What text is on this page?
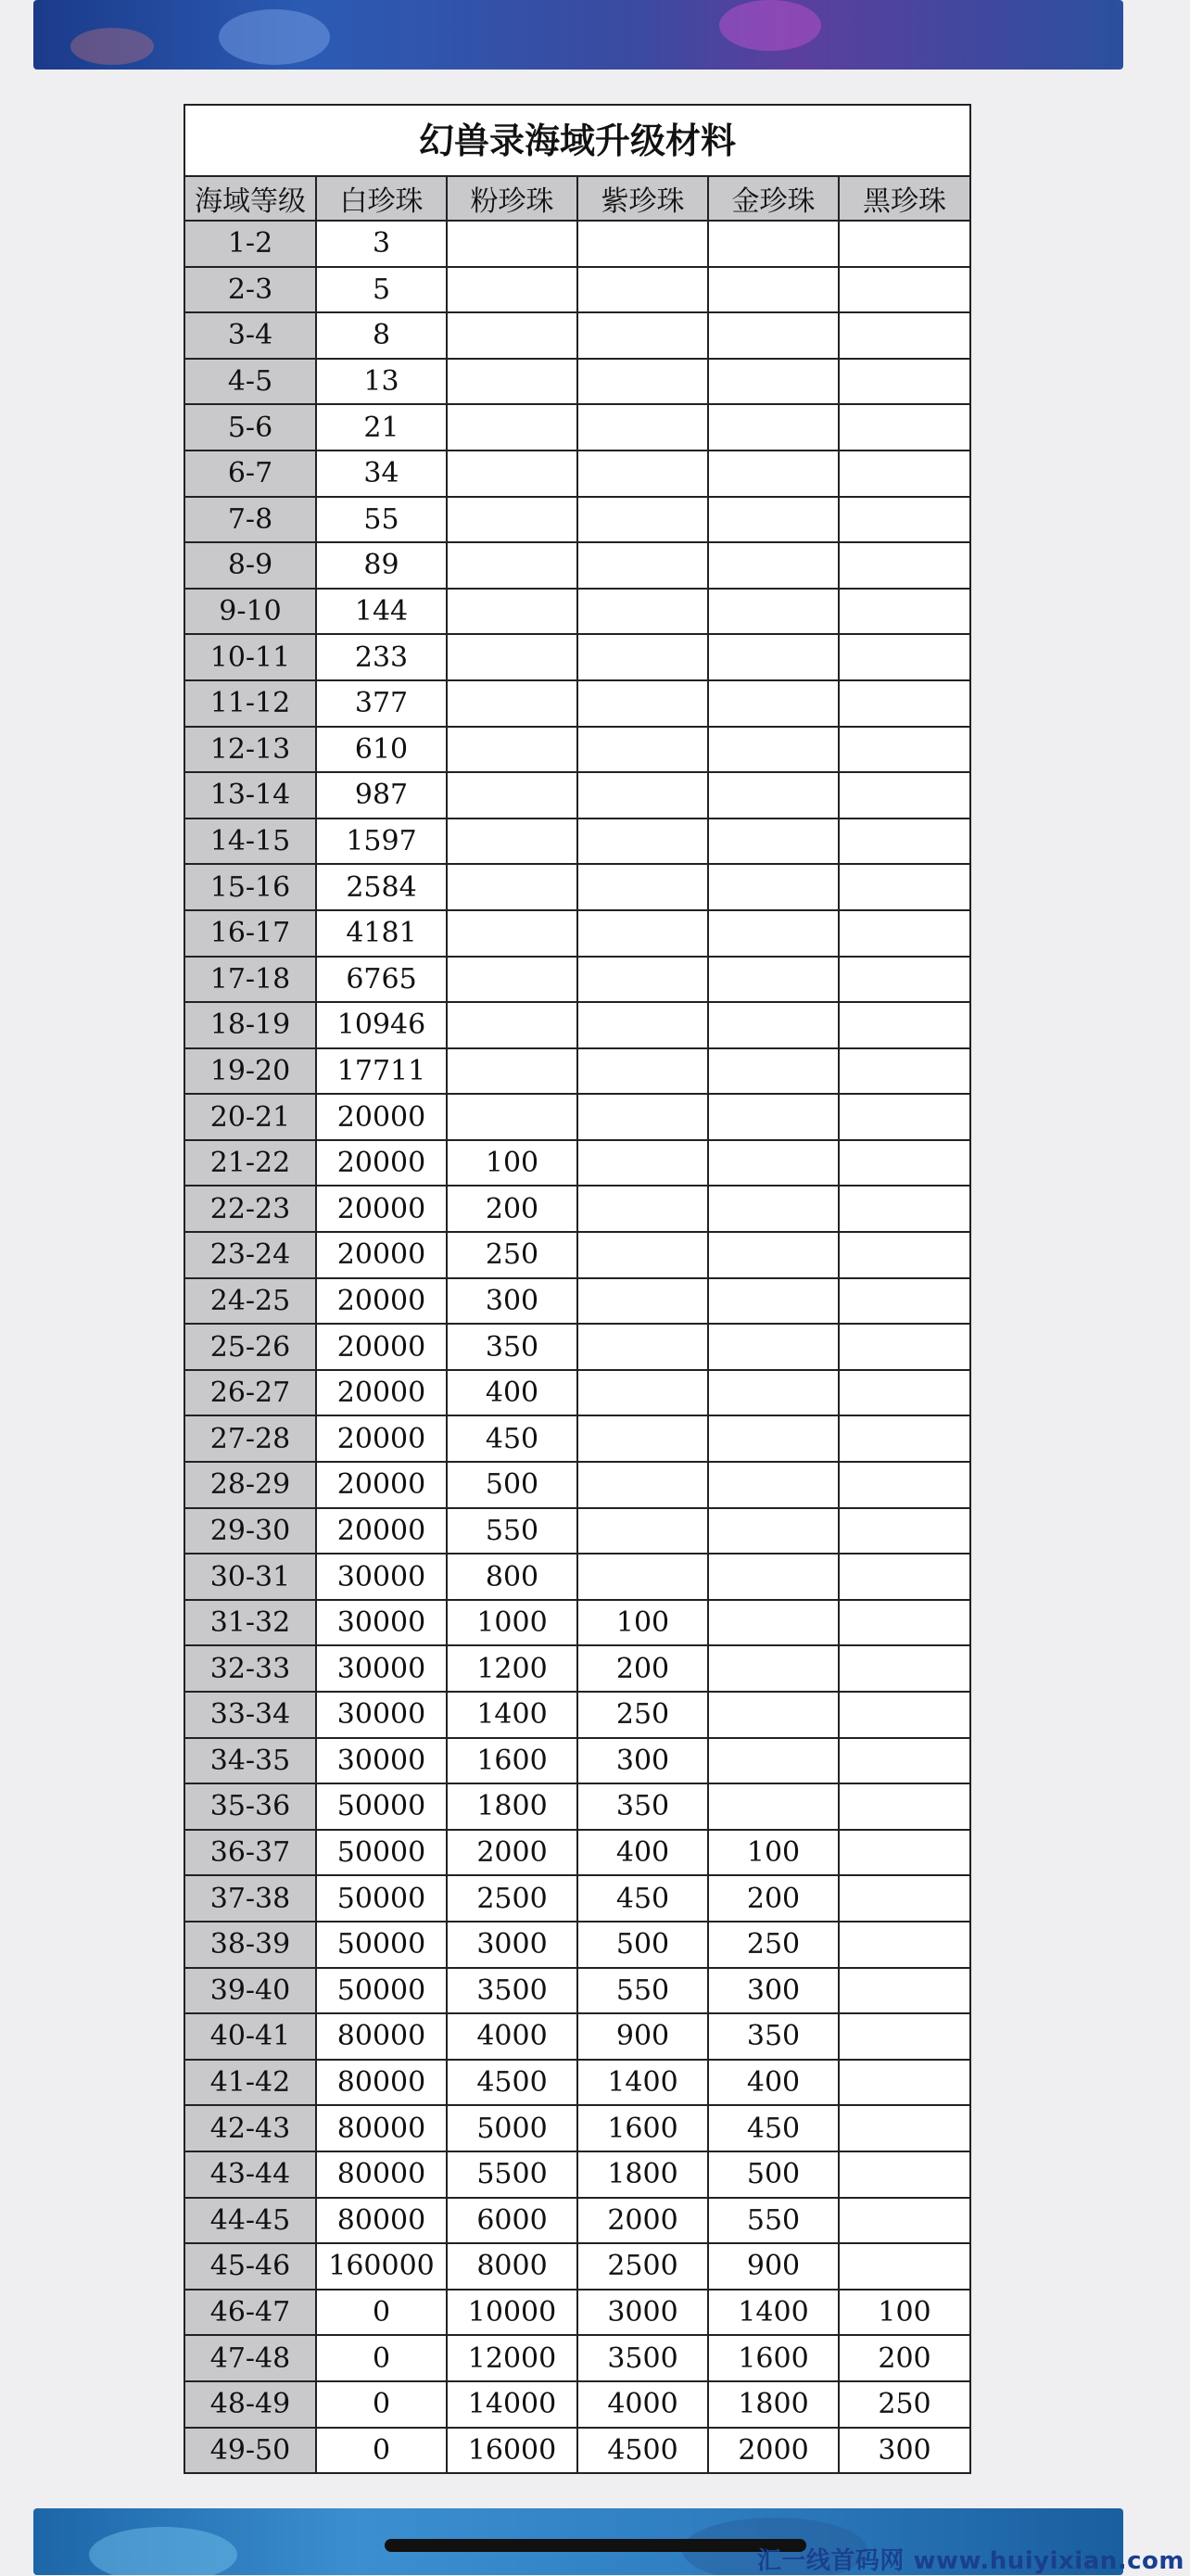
幻兽录海域升级材料
海域等级	白珍珠	粉珍珠	紫珍珠	金珍珠	黑珍珠
1-2	3				
2-3	5				
3-4	8				
4-5	13				
5-6	21				
6-7	34				
7-8	55				
8-9	89				
9-10	144				
10-11	233				
11-12	377				
12-13	610				
13-14	987				
14-15	1597				
15-16	2584				
16-17	4181				
17-18	6765				
18-19	10946				
19-20	17711				
20-21	20000				
21-22	20000	100			
22-23	20000	200			
23-24	20000	250			
24-25	20000	300			
25-26	20000	350			
26-27	20000	400			
27-28	20000	450			
28-29	20000	500			
29-30	20000	550			
30-31	30000	800			
31-32	30000	1000	100		
32-33	30000	1200	200		
33-34	30000	1400	250		
34-35	30000	1600	300		
35-36	50000	1800	350		
36-37	50000	2000	400	100	
37-38	50000	2500	450	200	
38-39	50000	3000	500	250	
39-40	50000	3500	550	300	
40-41	80000	4000	900	350	
41-42	80000	4500	1400	400	
42-43	80000	5000	1600	450	
43-44	80000	5500	1800	500	
44-45	80000	6000	2000	550	
45-46	160000	8000	2500	900	
46-47	0	10000	3000	1400	100
47-48	0	12000	3500	1600	200
48-49	0	14000	4000	1800	250
49-50	0	16000	4500	2000	300
汇一线首码网 www.huiyixian.com
